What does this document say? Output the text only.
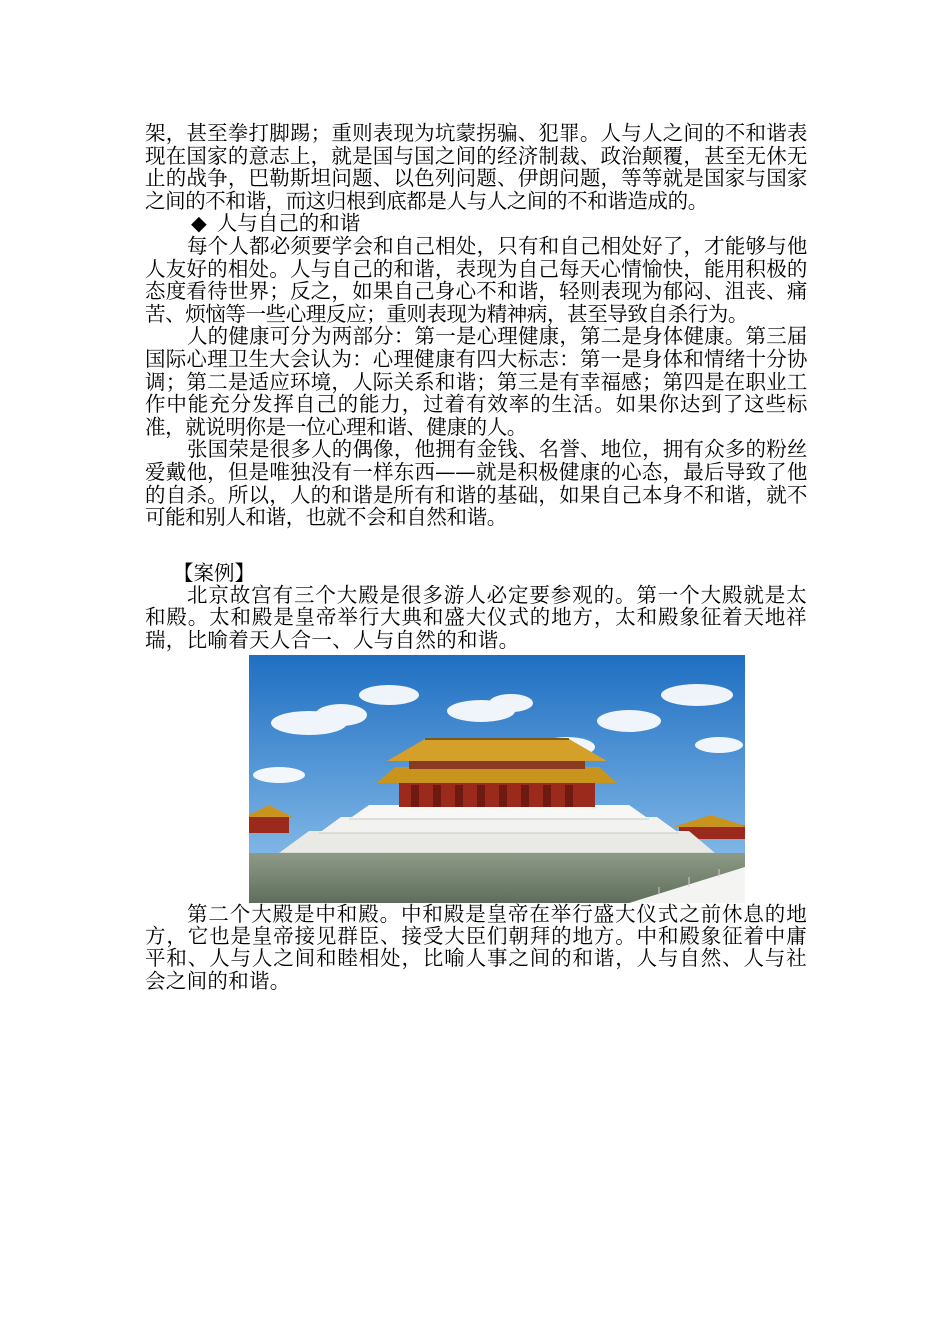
架，甚至拳打脚踢；重则表现为坑蒙拐骗、犯罪。人与人之间的不和谐表现在国家的意志上，就是国与国之间的经济制裁、政治颠覆，甚至无休无止的战争，巴勒斯坦问题、以色列问题、伊朗问题，等等就是国家与国家之间的不和谐，而这归根到底都是人与人之间的不和谐造成的。

◆ 人与自己的和谐

每个人都必须要学会和自己相处，只有和自己相处好了，才能够与他人友好的相处。人与自己的和谐，表现为自己每天心情愉快，能用积极的态度看待世界；反之，如果自己身心不和谐，轻则表现为郁闷、沮丧、痛苦、烦恼等一些心理反应；重则表现为精神病，甚至导致自杀行为。

人的健康可分为两部分：第一是心理健康，第二是身体健康。第三届国际心理卫生大会认为：心理健康有四大标志：第一是身体和情绪十分协调；第二是适应环境，人际关系和谐；第三是有幸福感；第四是在职业工作中能充分发挥自己的能力，过着有效率的生活。如果你达到了这些标准，就说明你是一位心理和谐、健康的人。

张国荣是很多人的偶像，他拥有金钱、名誉、地位，拥有众多的粉丝爱戴他，但是唯独没有一样东西——就是积极健康的心态，最后导致了他的自杀。所以，人的和谐是所有和谐的基础，如果自己本身不和谐，就不可能和别人和谐，也就不会和自然和谐。

【案例】

北京故宫有三个大殿是很多游人必定要参观的。第一个大殿就是太和殿。太和殿是皇帝举行大典和盛大仪式的地方，太和殿象征着天地祥瑞，比喻着天人合一、人与自然的和谐。

第二个大殿是中和殿。中和殿是皇帝在举行盛大仪式之前休息的地方，它也是皇帝接见群臣、接受大臣们朝拜的地方。中和殿象征着中庸平和、人与人之间和睦相处，比喻人事之间的和谐，人与自然、人与社会之间的和谐。
